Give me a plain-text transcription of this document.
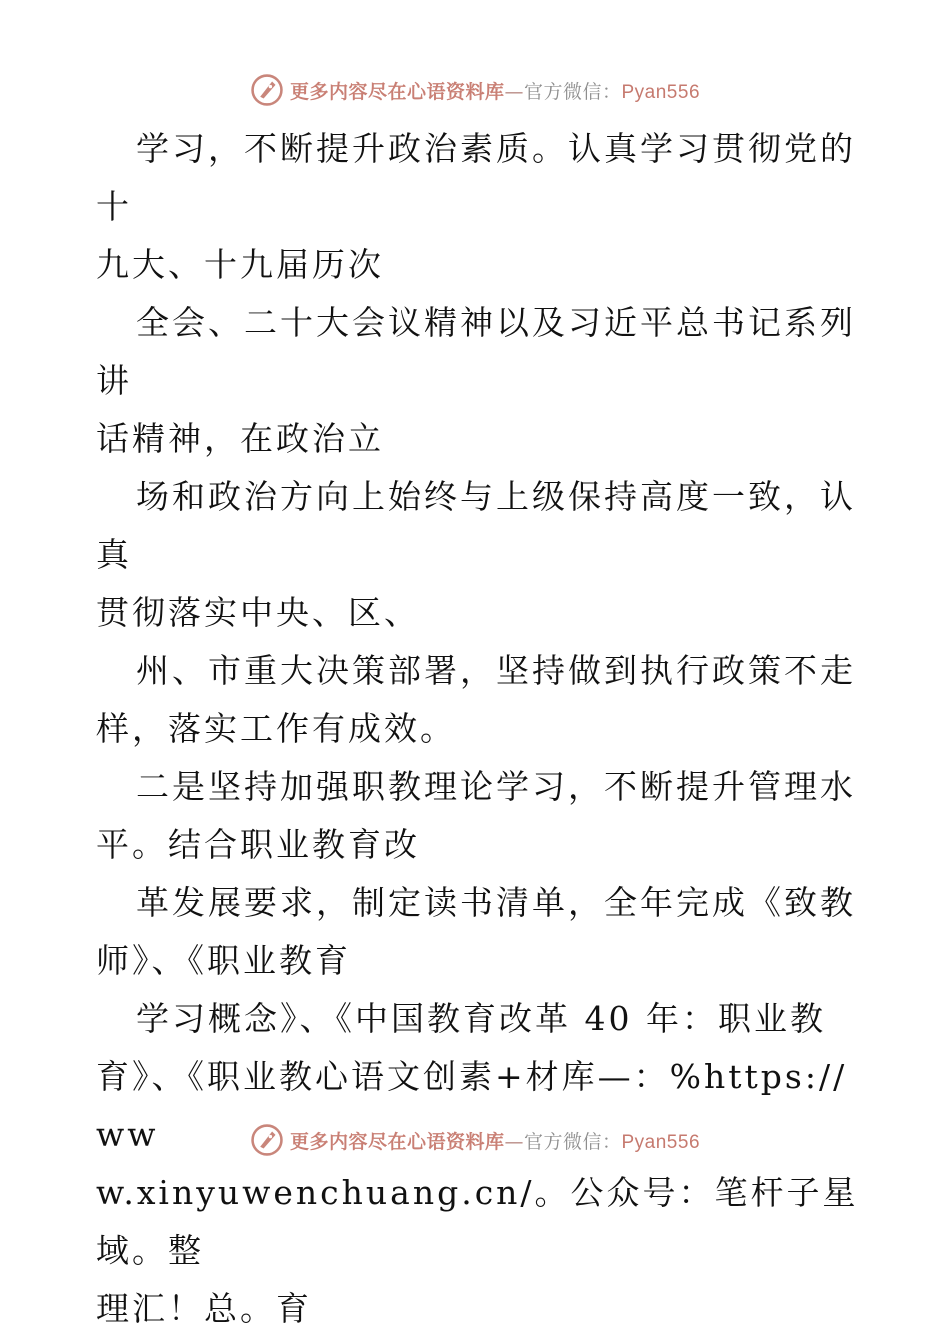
更多内容尽在心语资料库—官方微信：Pyan556

学习，不断提升政治素质。认真学习贯彻党的十

九大、十九届历次

全会、二十大会议精神以及习近平总书记系列讲

话精神，在政治立

场和政治方向上始终与上级保持高度一致，认真

贯彻落实中央、区、

州、市重大决策部署，坚持做到执行政策不走

样，落实工作有成效。

二是坚持加强职教理论学习，不断提升管理水

平。结合职业教育改

革发展要求，制定读书清单，全年完成《致教

师》、《职业教育

学习概念》、《中国教育改革 40 年：职业教

育》、《职业教心语文创素+材库—：%https://ww

w.xinyuwenchuang.cn/。公众号：笔杆子星域。整

理汇！总。育

更多内容尽在心语资料库—官方微信：Pyan556
